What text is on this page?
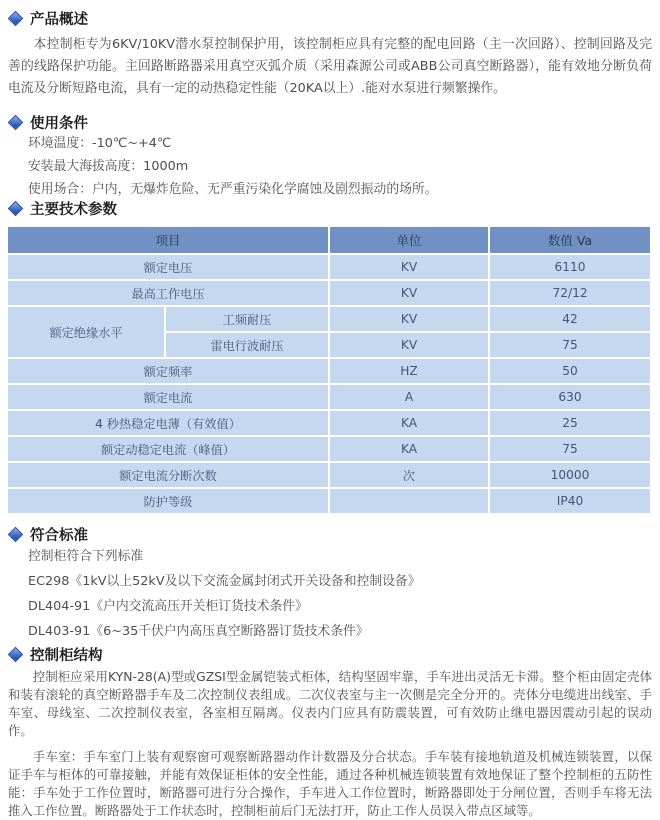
产品概述

本控制柜专为6KV/10KV潜水泵控制保护用，该控制柜应具有完整的配电回路（主一次回路）、控制回路及完善的线路保护功能。主回路断路器采用真空灭弧介质（采用森源公司或ABB公司真空断路器），能有效地分断负荷电流及分断短路电流，具有一定的动热稳定性能（20KA以上）.能对水泵进行频繁操作。

使用条件
环境温度：-10℃~+4℃
安装最大海拔高度：1000m
使用场合：户内，无爆炸危险、无严重污染化学腐蚀及剧烈振动的场所。
主要技术参数
项目		单位	数值 Va
额定电压		KV	6110
最高工作电压		KV	72/12
额定绝缘水平	工频耐压	KV	42
	雷电行波耐压	KV	75
额定频率		HZ	50
额定电流		A	630
4 秒热稳定电薄（有效值）		KA	25
额定动稳定电流（峰值）		KA	75
额定电流分断次数		次	10000
防护等级			IP40
符合标准
控制柜符合下列标准
EC298《1kV以上52kV及以下交流金属封闭式开关设备和控制设备》
DL404-91《户内交流高压开关柜订货技术条件》
DL403-91《6~35千伏户内高压真空断路器订货技术条件》
控制柜结构

控制柜应采用KYN-28(A)型或GZSI型金属铠装式柜体，结构坚固牢靠，手车进出灵活无卡滞。整个柜由固定壳体和装有滚轮的真空断路器手车及二次控制仪表组成。二次仪表室与主一次侧是完全分开的。壳体分电缆进出线室、手车室、母线室、二次控制仪表室，各室相互隔离。仪表内门应具有防震装置，可有效防止继电器因震动引起的误动作。

手车室：手车室门上装有观察窗可观察断路器动作计数器及分合状态。手车装有接地轨道及机械连锁装置，以保证手车与柜体的可靠接触，并能有效保证柜体的安全性能，通过各种机械连锁装置有效地保证了整个控制柜的五防性能：手车处于工作位置时，断路器可进行分合操作，手车进入工作位置时，断路器即处于分闸位置，否则手车将无法推入工作位置。断路器处于工作状态时，控制柜前后门无法打开，防止工作人员误入带点区域等。
